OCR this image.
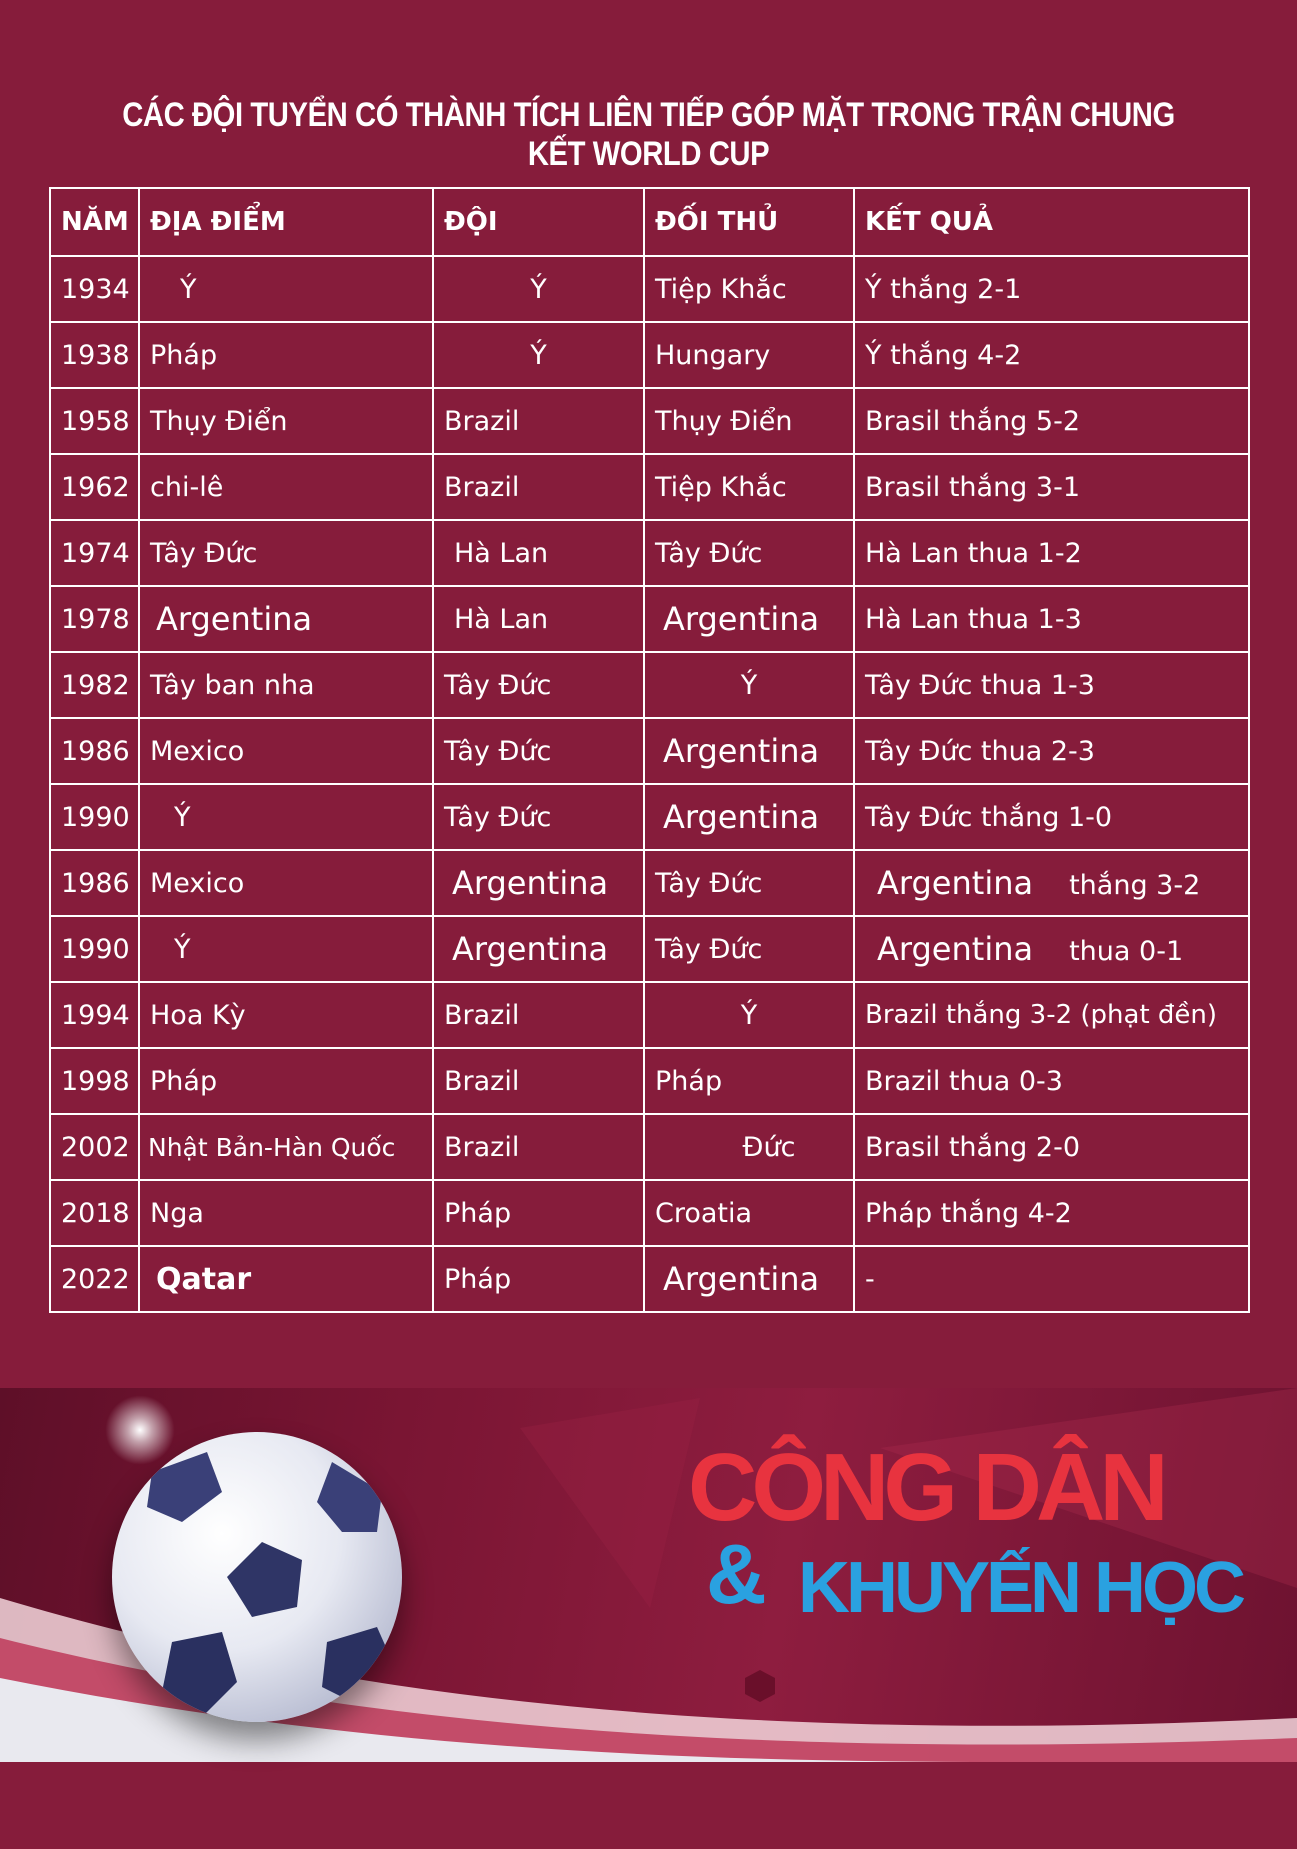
CÁC ĐỘI TUYỂN CÓ THÀNH TÍCH LIÊN TIẾP GÓP MẶT TRONG TRẬN CHUNG KẾT WORLD CUP
NĂM	ĐỊA ĐIỂM	ĐỘI	ĐỐI THỦ	KẾT QUẢ
1934	Ý	Ý	Tiệp Khắc	Ý thắng 2-1
1938	Pháp	Ý	Hungary	Ý thắng 4-2
1958	Thụy Điển	Brazil	Thụy Điển	Brasil thắng 5-2
1962	chi-lê	Brazil	Tiệp Khắc	Brasil thắng 3-1
1974	Tây Đức	Hà Lan	Tây Đức	Hà Lan thua 1-2
1978	Argentina	Hà Lan	Argentina	Hà Lan thua 1-3
1982	Tây ban nha	Tây Đức	Ý	Tây Đức thua 1-3
1986	Mexico	Tây Đức	Argentina	Tây Đức thua 2-3
1990	Ý	Tây Đức	Argentina	Tây Đức thắng 1-0
1986	Mexico	Argentina	Tây Đức	Argentina thắng 3-2
1990	Ý	Argentina	Tây Đức	Argentina thua 0-1
1994	Hoa Kỳ	Brazil	Ý	Brazil thắng 3-2 (phạt đền)
1998	Pháp	Brazil	Pháp	Brazil thua 0-3
2002	Nhật Bản-Hàn Quốc	Brazil	Đức	Brasil thắng 2-0
2018	Nga	Pháp	Croatia	Pháp thắng 4-2
2022	Qatar	Pháp	Argentina	-
CÔNG DÂN
& KHUYẾN HỌC
